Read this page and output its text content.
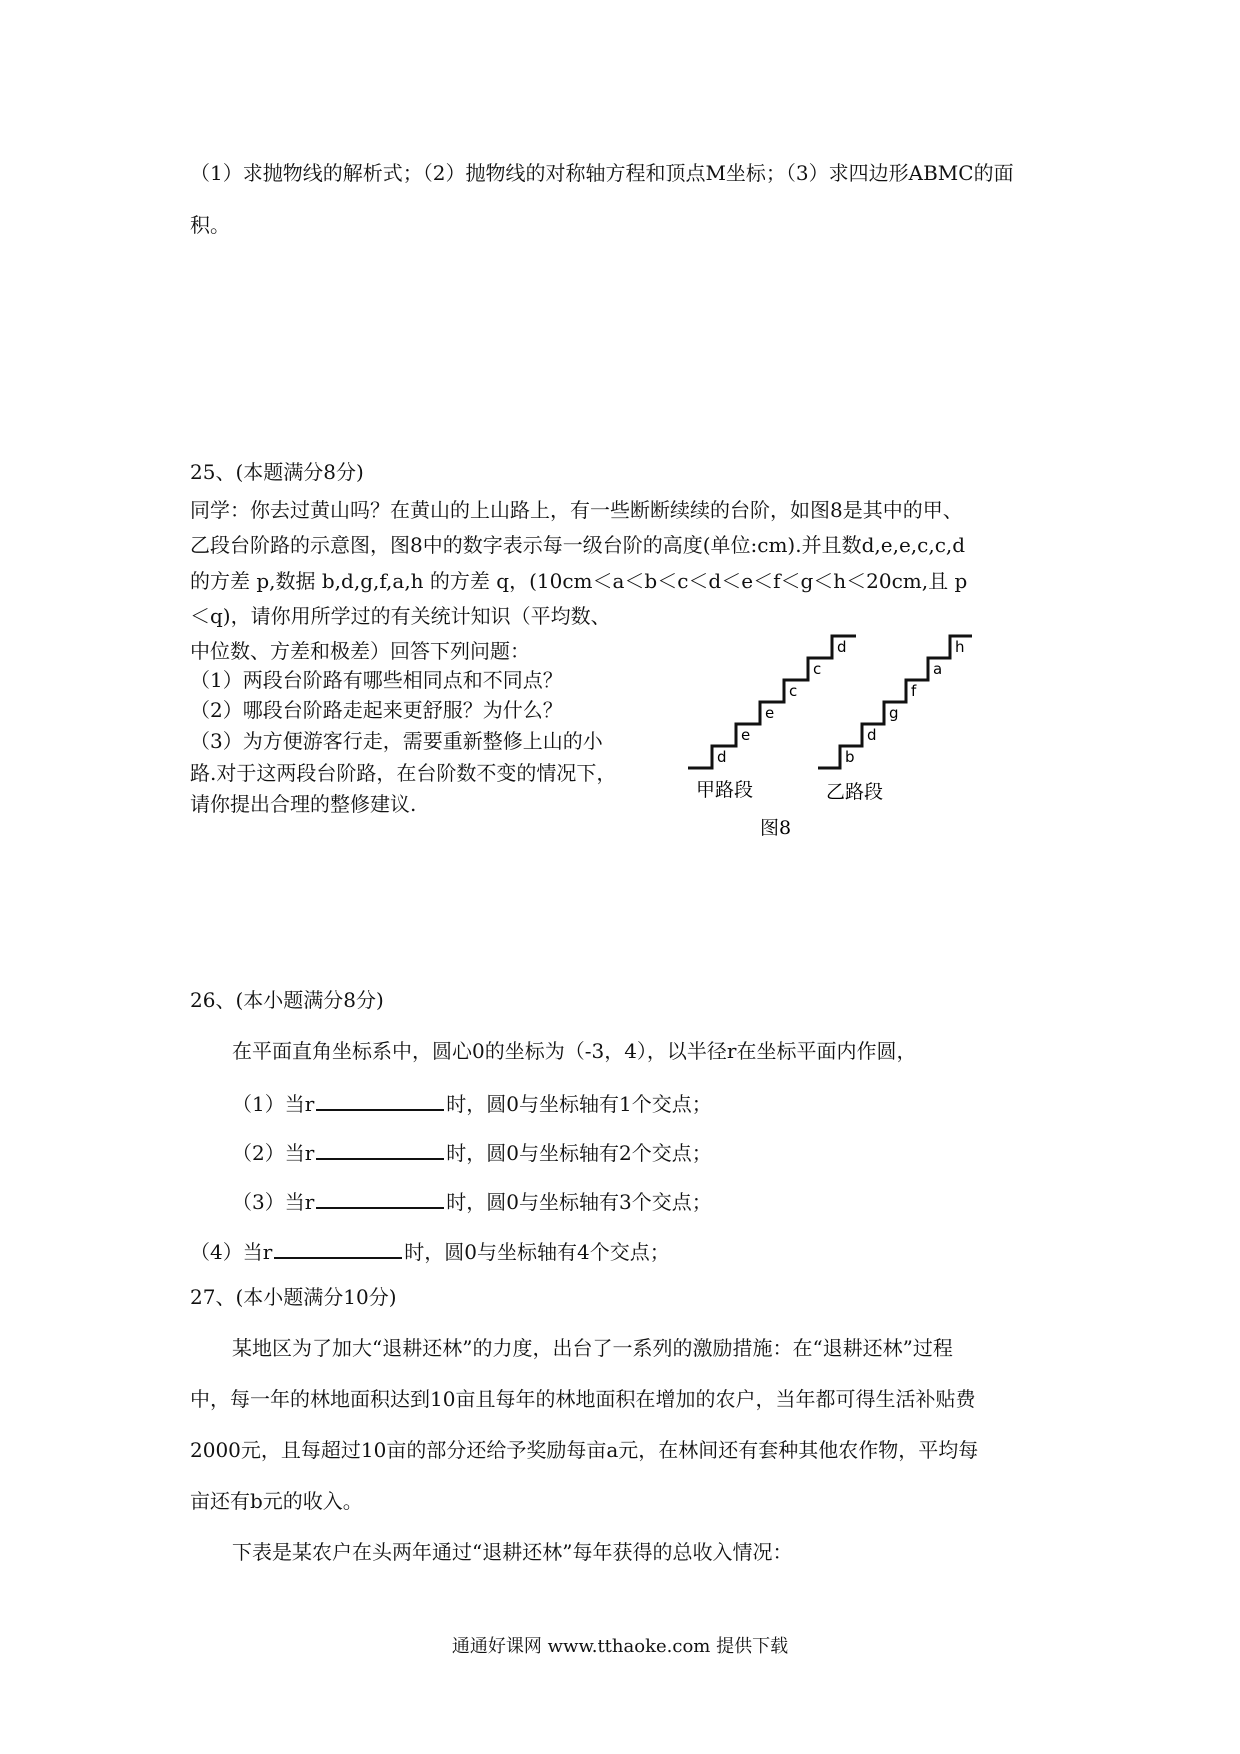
（1）求抛物线的解析式；（2）抛物线的对称轴方程和顶点M坐标；（3）求四边形ABMC的面
积。
25、(本题满分8分)
同学：你去过黄山吗？在黄山的上山路上，有一些断断续续的台阶，如图8是其中的甲、
乙段台阶路的示意图，图8中的数字表示每一级台阶的高度(单位:cm).并且数d,e,e,c,c,d
的方差 p,数据 b,d,g,f,a,h 的方差 q，(10cm＜a＜b＜c＜d＜e＜f＜g＜h＜20cm,且 p
＜q)，请你用所学过的有关统计知识（平均数、
中位数、方差和极差）回答下列问题：
（1）两段台阶路有哪些相同点和不同点？
（2）哪段台阶路走起来更舒服？为什么？
（3）为方便游客行走，需要重新整修上山的小
路.对于这两段台阶路，在台阶数不变的情况下，
请你提出合理的整修建议.
d
e
e
c
c
d
b
d
g
f
a
h
甲路段	乙路段
图8
26、(本小题满分8分)
在平面直角坐标系中，圆心0的坐标为（-3，4），以半径r在坐标平面内作圆，
（1）当r	时，圆0与坐标轴有1个交点；
（2）当r	时，圆0与坐标轴有2个交点；
（3）当r	时，圆0与坐标轴有3个交点；
（4）当r	时，圆0与坐标轴有4个交点；
27、(本小题满分10分)
某地区为了加大“退耕还林”的力度，出台了一系列的激励措施：在“退耕还林”过程
中，每一年的林地面积达到10亩且每年的林地面积在增加的农户，当年都可得生活补贴费
2000元，且每超过10亩的部分还给予奖励每亩a元，在林间还有套种其他农作物，平均每
亩还有b元的收入。
下表是某农户在头两年通过“退耕还林”每年获得的总收入情况：
通通好课网 www.tthaoke.com 提供下载
